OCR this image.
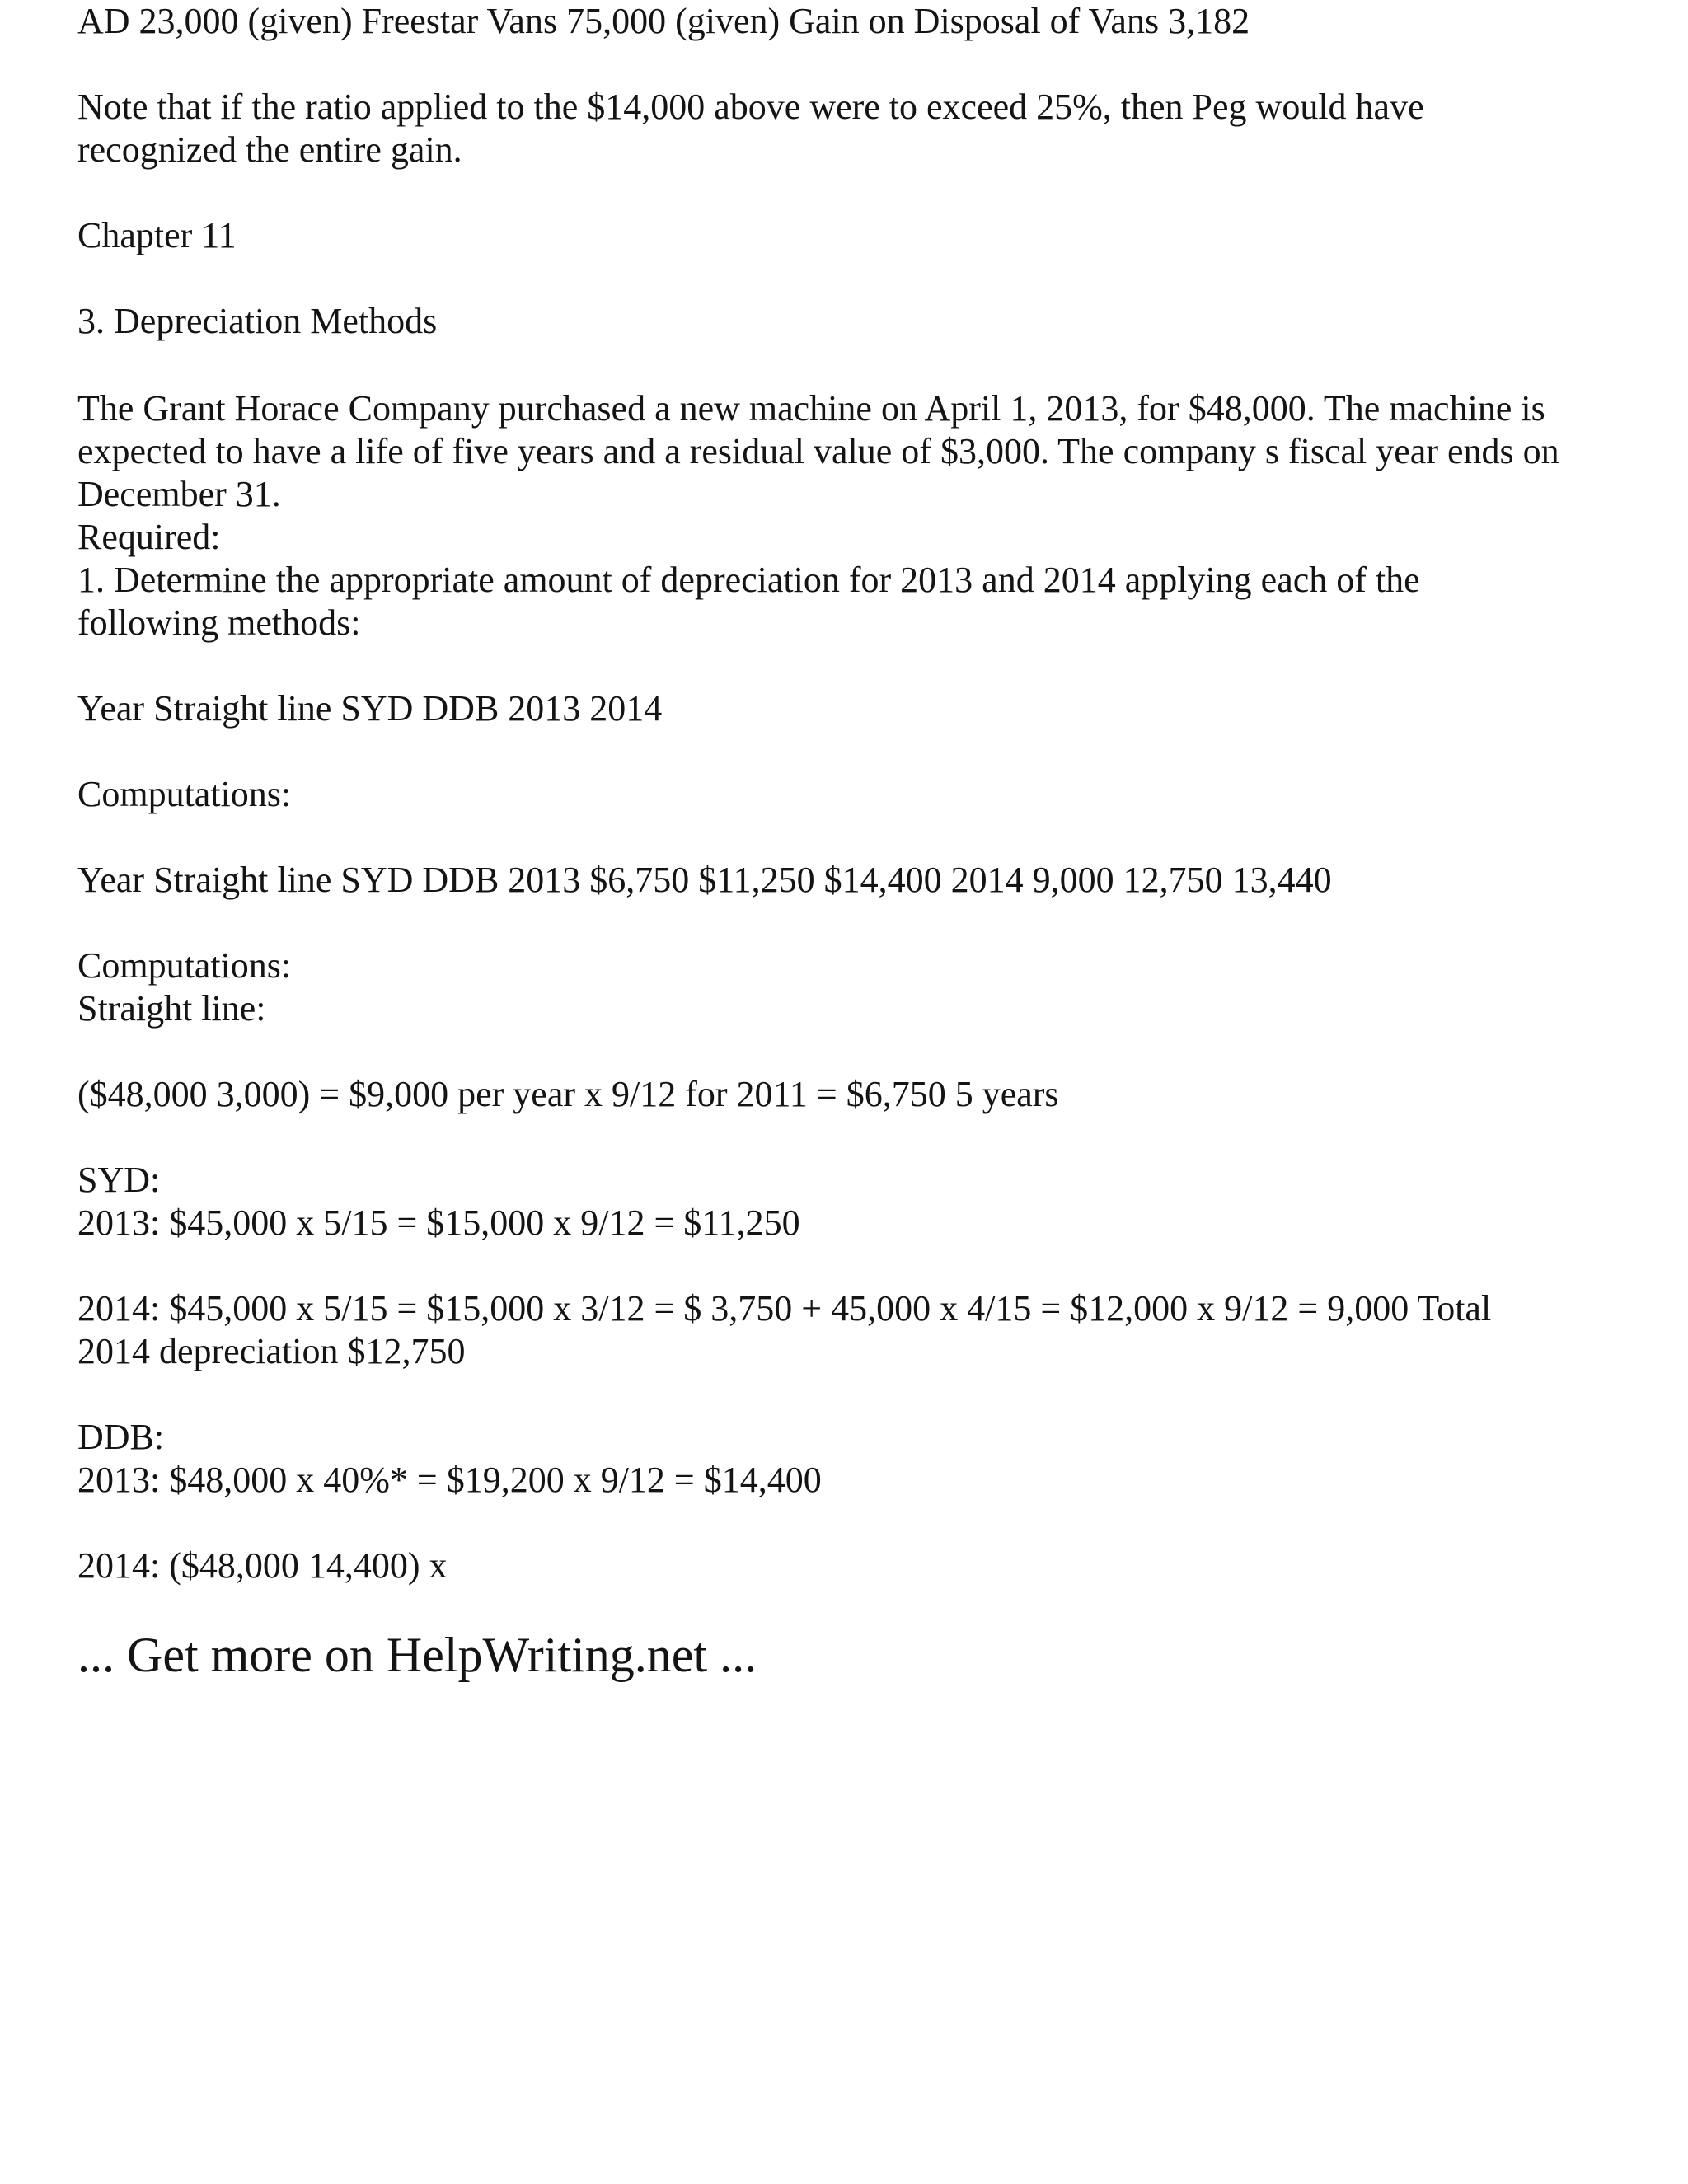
AD 23,000 (given) Freestar Vans 75,000 (given) Gain on Disposal of Vans 3,182
Note that if the ratio applied to the $14,000 above were to exceed 25%, then Peg would have
recognized the entire gain.
Chapter 11
3. Depreciation Methods
The Grant Horace Company purchased a new machine on April 1, 2013, for $48,000. The machine is
expected to have a life of five years and a residual value of $3,000. The company s fiscal year ends on
December 31.
Required:
1. Determine the appropriate amount of depreciation for 2013 and 2014 applying each of the
following methods:
Year Straight line SYD DDB 2013 2014
Computations:
Year Straight line SYD DDB 2013 $6,750 $11,250 $14,400 2014 9,000 12,750 13,440
Computations:
Straight line:
($48,000 3,000) = $9,000 per year x 9/12 for 2011 = $6,750 5 years
SYD:
2013: $45,000 x 5/15 = $15,000 x 9/12 = $11,250
2014: $45,000 x 5/15 = $15,000 x 3/12 = $ 3,750 + 45,000 x 4/15 = $12,000 x 9/12 = 9,000 Total
2014 depreciation $12,750
DDB:
2013: $48,000 x 40%* = $19,200 x 9/12 = $14,400
2014: ($48,000 14,400) x
... Get more on HelpWriting.net ...
